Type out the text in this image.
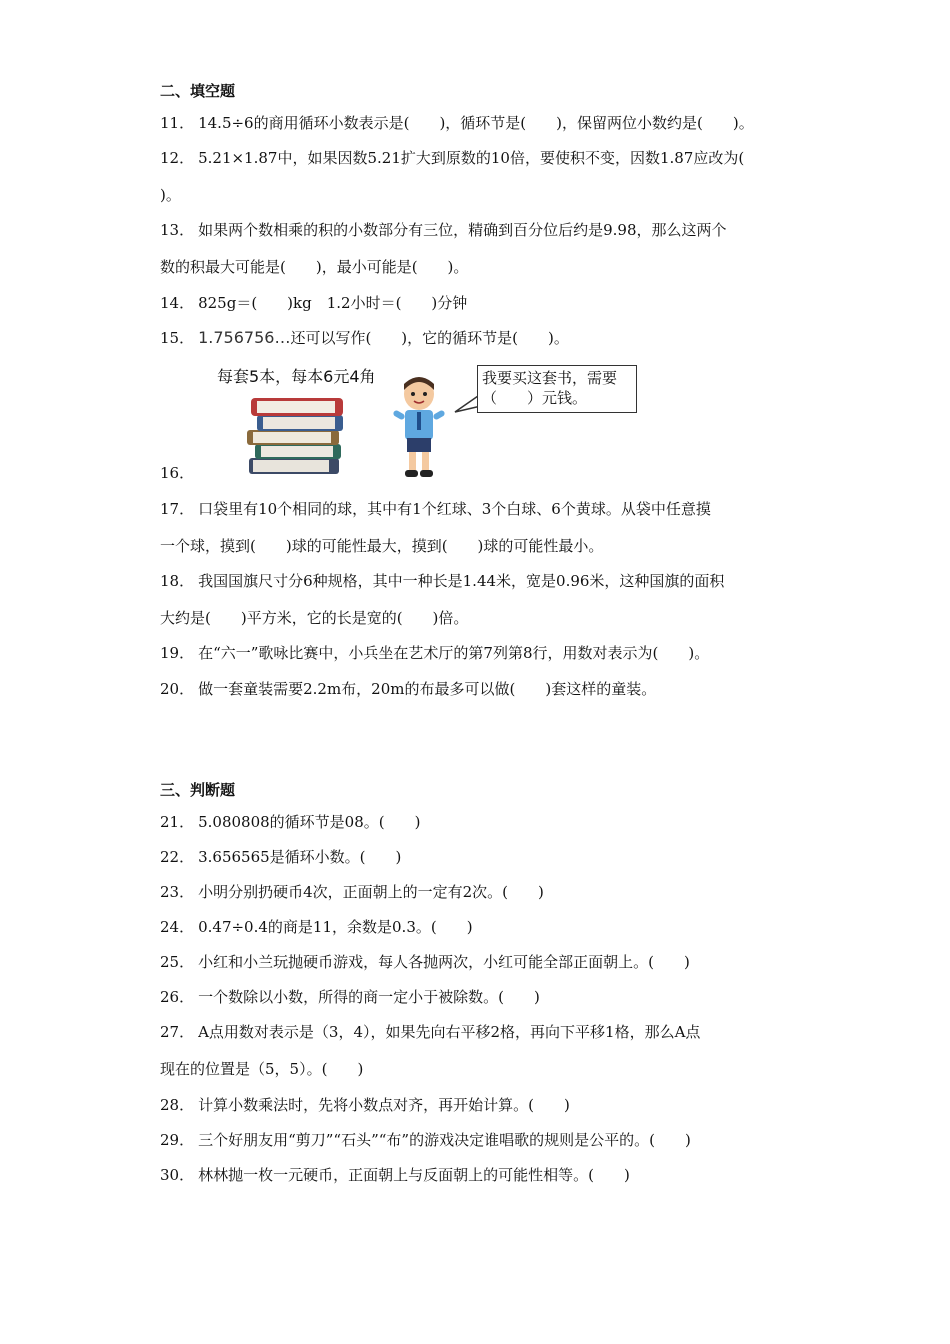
二、填空题
11． 14.5÷6的商用循环小数表示是(　　)，循环节是(　　)，保留两位小数约是(　　)。
12． 5.21×1.87中，如果因数5.21扩大到原数的10倍，要使积不变，因数1.87应改为(
)。
13． 如果两个数相乘的积的小数部分有三位，精确到百分位后约是9.98，那么这两个
数的积最大可能是(　　)，最小可能是(　　)。
14． 825g＝(　　)kg　1.2小时＝(　　)分钟
15． 1.756756…还可以写作(　　)，它的循环节是(　　)。
每套5本，每本6元4角	我要买这套书，需要
（　　）元钱。
16．
17． 口袋里有10个相同的球，其中有1个红球、3个白球、6个黄球。从袋中任意摸
一个球，摸到(　　)球的可能性最大，摸到(　　)球的可能性最小。
18． 我国国旗尺寸分6种规格，其中一种长是1.44米，宽是0.96米，这种国旗的面积
大约是(　　)平方米，它的长是宽的(　　)倍。
19． 在“六一”歌咏比赛中，小兵坐在艺术厅的第7列第8行，用数对表示为(　　)。
20． 做一套童装需要2.2m布，20m的布最多可以做(　　)套这样的童装。
三、判断题
21． 5.080808的循环节是08。(　　)
22． 3.656565是循环小数。(　　)
23． 小明分别扔硬币4次，正面朝上的一定有2次。(　　)
24． 0.47÷0.4的商是11，余数是0.3。(　　)
25． 小红和小兰玩抛硬币游戏，每人各抛两次，小红可能全部正面朝上。(　　)
26． 一个数除以小数，所得的商一定小于被除数。(　　)
27． A点用数对表示是（3，4），如果先向右平移2格，再向下平移1格，那么A点
现在的位置是（5，5）。(　　)
28． 计算小数乘法时，先将小数点对齐，再开始计算。(　　)
29． 三个好朋友用“剪刀”“石头”“布”的游戏决定谁唱歌的规则是公平的。(　　)
30． 林林抛一枚一元硬币，正面朝上与反面朝上的可能性相等。(　　)
